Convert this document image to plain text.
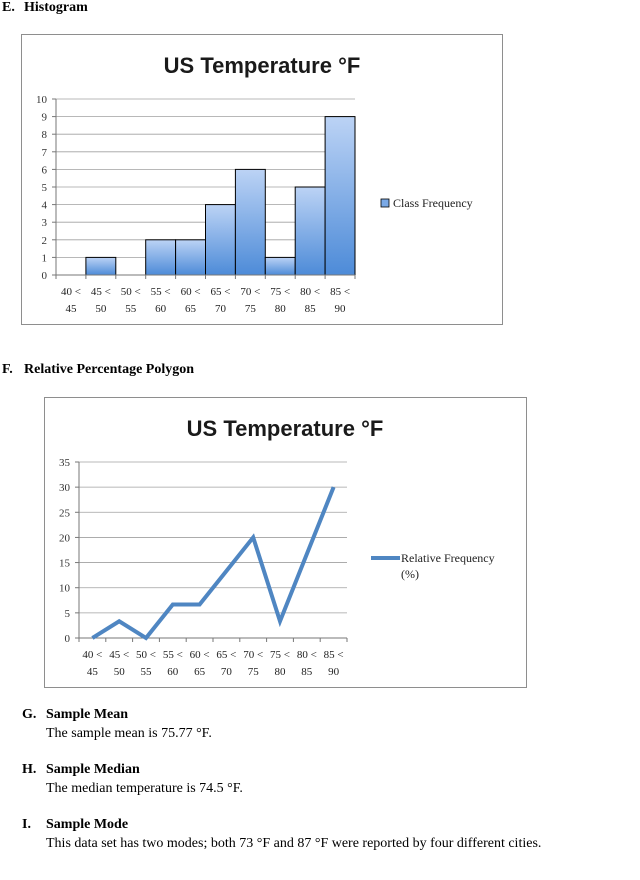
E. Histogram
US Temperature °F
0
1
2
3
4
5
6
7
8
9
10
40 <
45
45 <
50
50 <
55
55 <
60
60 <
65
65 <
70
70 <
75
75 <
80
80 <
85
85 <
90
Class Frequency
F. Relative Percentage Polygon
US Temperature °F
0
5
10
15
20
25
30
35
40 <
45
45 <
50
50 <
55
55 <
60
60 <
65
65 <
70
70 <
75
75 <
80
80 <
85
85 <
90
Relative Frequency
(%)
G. Sample Mean
The sample mean is 75.77 °F.
H. Sample Median
The median temperature is 74.5 °F.
I. Sample Mode
This data set has two modes; both 73 °F and 87 °F were reported by four different cities.
